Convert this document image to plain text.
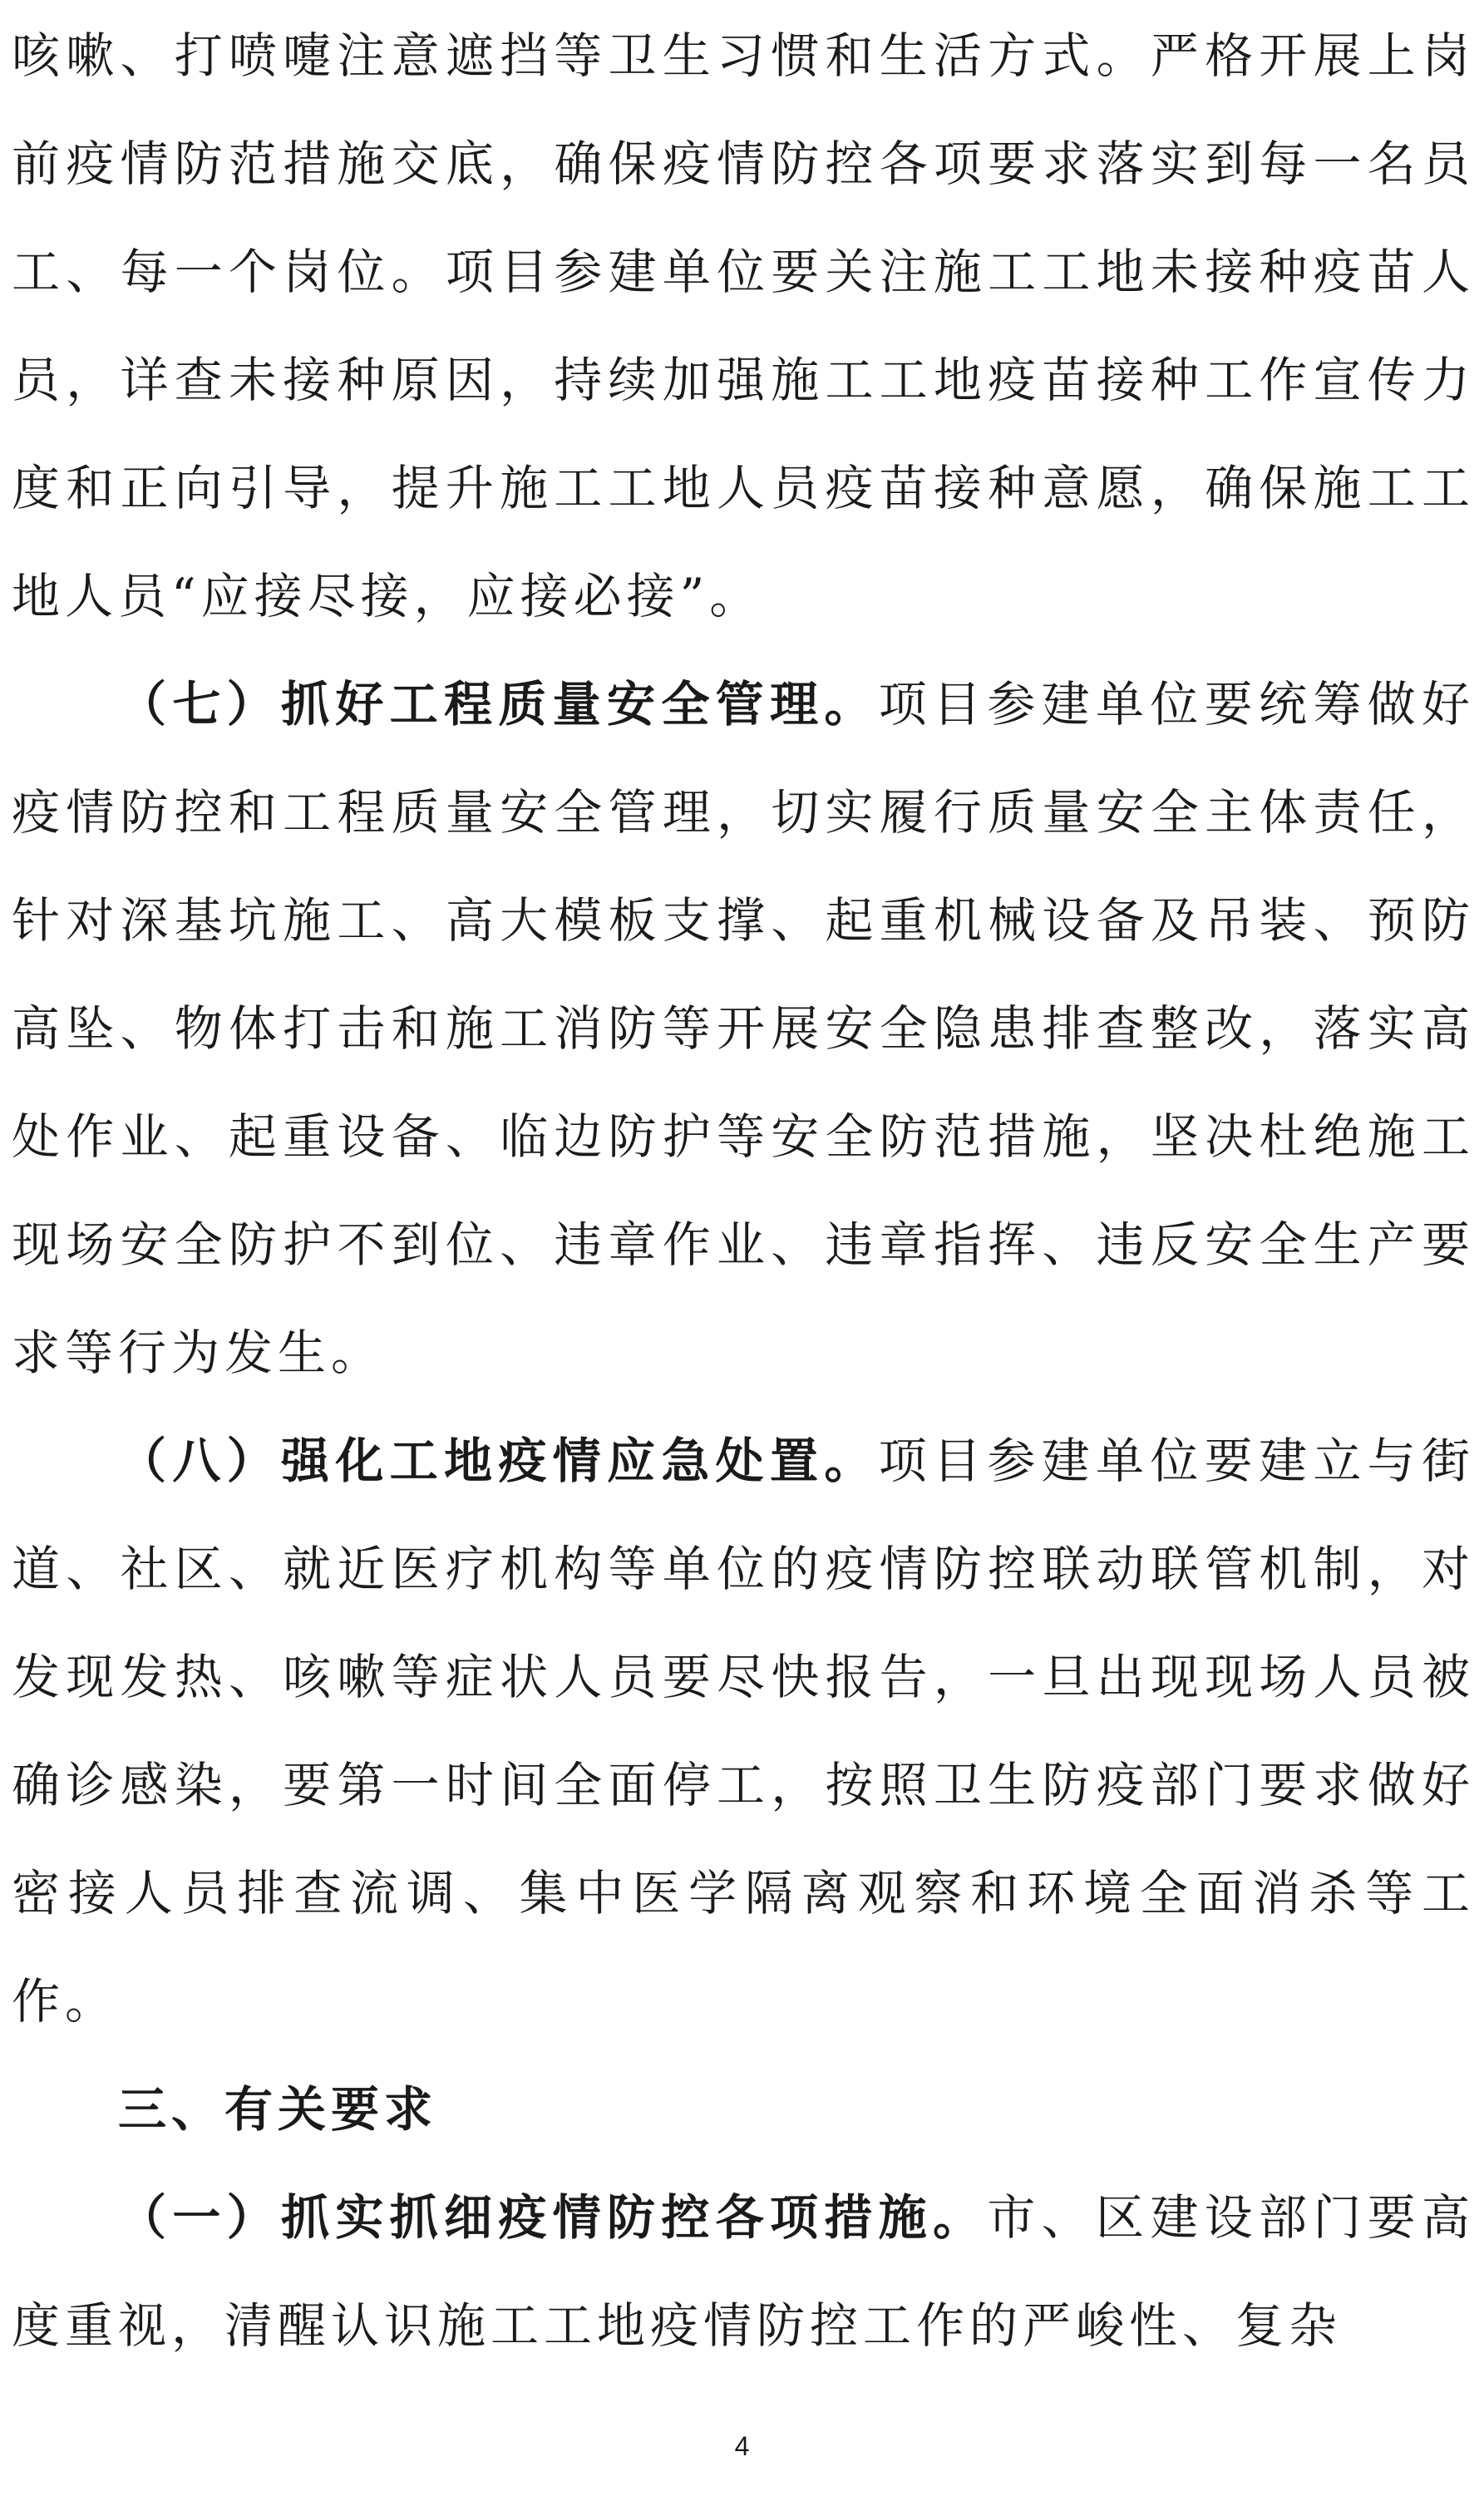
咳嗽、打喷嚏注意遮挡等卫生习惯和生活方式。严格开展上岗前疫情防范措施交底，确保疫情防控各项要求落实到每一名员工、每一个岗位。项目参建单位要关注施工工地未接种疫苗人员，详查未接种原因，持续加强施工工地疫苗接种工作宣传力度和正向引导，提升施工工地人员疫苗接种意愿，确保施工工地人员“应接尽接，应接必接”。

（七）抓好工程质量安全管理。项目参建单位要统筹做好疫情防控和工程质量安全管理，切实履行质量安全主体责任，针对深基坑施工、高大模板支撑、起重机械设备及吊装、预防高坠、物体打击和施工消防等开展安全隐患排查整改，落实高处作业、起重设备、临边防护等安全防范措施，坚决杜绝施工现场安全防护不到位、违章作业、违章指挥、违反安全生产要求等行为发生。

（八）强化工地疫情应急处置。项目参建单位要建立与街道、社区、就近医疗机构等单位的疫情防控联动联管机制，对发现发热、咳嗽等症状人员要尽快报告，一旦出现现场人员被确诊感染，要第一时间全面停工，按照卫生防疫部门要求做好密接人员排查流调、集中医学隔离观察和环境全面消杀等工作。

三、有关要求

（一）抓实抓细疫情防控各项措施。市、区建设部门要高度重视，清醒认识施工工地疫情防控工作的严峻性、复杂

4
